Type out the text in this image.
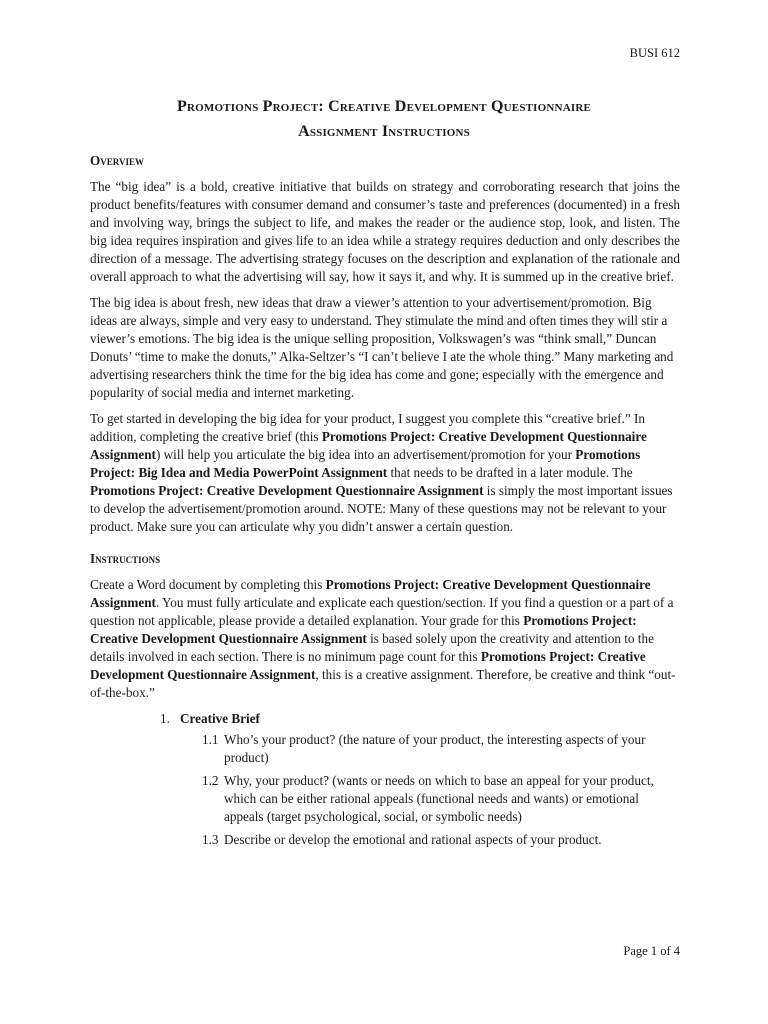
BUSI 612
Promotions Project: Creative Development Questionnaire
Assignment Instructions
Overview

The “big idea” is a bold, creative initiative that builds on strategy and corroborating research that joins the product benefits/features with consumer demand and consumer’s taste and preferences (documented) in a fresh and involving way, brings the subject to life, and makes the reader or the audience stop, look, and listen. The big idea requires inspiration and gives life to an idea while a strategy requires deduction and only describes the direction of a message. The advertising strategy focuses on the description and explanation of the rationale and overall approach to what the advertising will say, how it says it, and why. It is summed up in the creative brief.

The big idea is about fresh, new ideas that draw a viewer’s attention to your advertisement/promotion. Big ideas are always, simple and very easy to understand. They stimulate the mind and often times they will stir a viewer’s emotions. The big idea is the unique selling proposition, Volkswagen’s was “think small,” Duncan Donuts’ “time to make the donuts,” Alka-Seltzer’s “I can’t believe I ate the whole thing.” Many marketing and advertising researchers think the time for the big idea has come and gone; especially with the emergence and popularity of social media and internet marketing.

To get started in developing the big idea for your product, I suggest you complete this “creative brief.” In addition, completing the creative brief (this Promotions Project: Creative Development Questionnaire Assignment) will help you articulate the big idea into an advertisement/promotion for your Promotions Project: Big Idea and Media PowerPoint Assignment that needs to be drafted in a later module. The Promotions Project: Creative Development Questionnaire Assignment is simply the most important issues to develop the advertisement/promotion around. NOTE: Many of these questions may not be relevant to your product. Make sure you can articulate why you didn’t answer a certain question.

Instructions

Create a Word document by completing this Promotions Project: Creative Development Questionnaire Assignment. You must fully articulate and explicate each question/section. If you find a question or a part of a question not applicable, please provide a detailed explanation. Your grade for this Promotions Project: Creative Development Questionnaire Assignment is based solely upon the creativity and attention to the details involved in each section. There is no minimum page count for this Promotions Project: Creative Development Questionnaire Assignment, this is a creative assignment. Therefore, be creative and think “out-of-the-box.”

1. Creative Brief
1.1 Who’s your product? (the nature of your product, the interesting aspects of your product)
1.2 Why, your product? (wants or needs on which to base an appeal for your product, which can be either rational appeals (functional needs and wants) or emotional appeals (target psychological, social, or symbolic needs)
1.3 Describe or develop the emotional and rational aspects of your product.
Page 1 of 4
